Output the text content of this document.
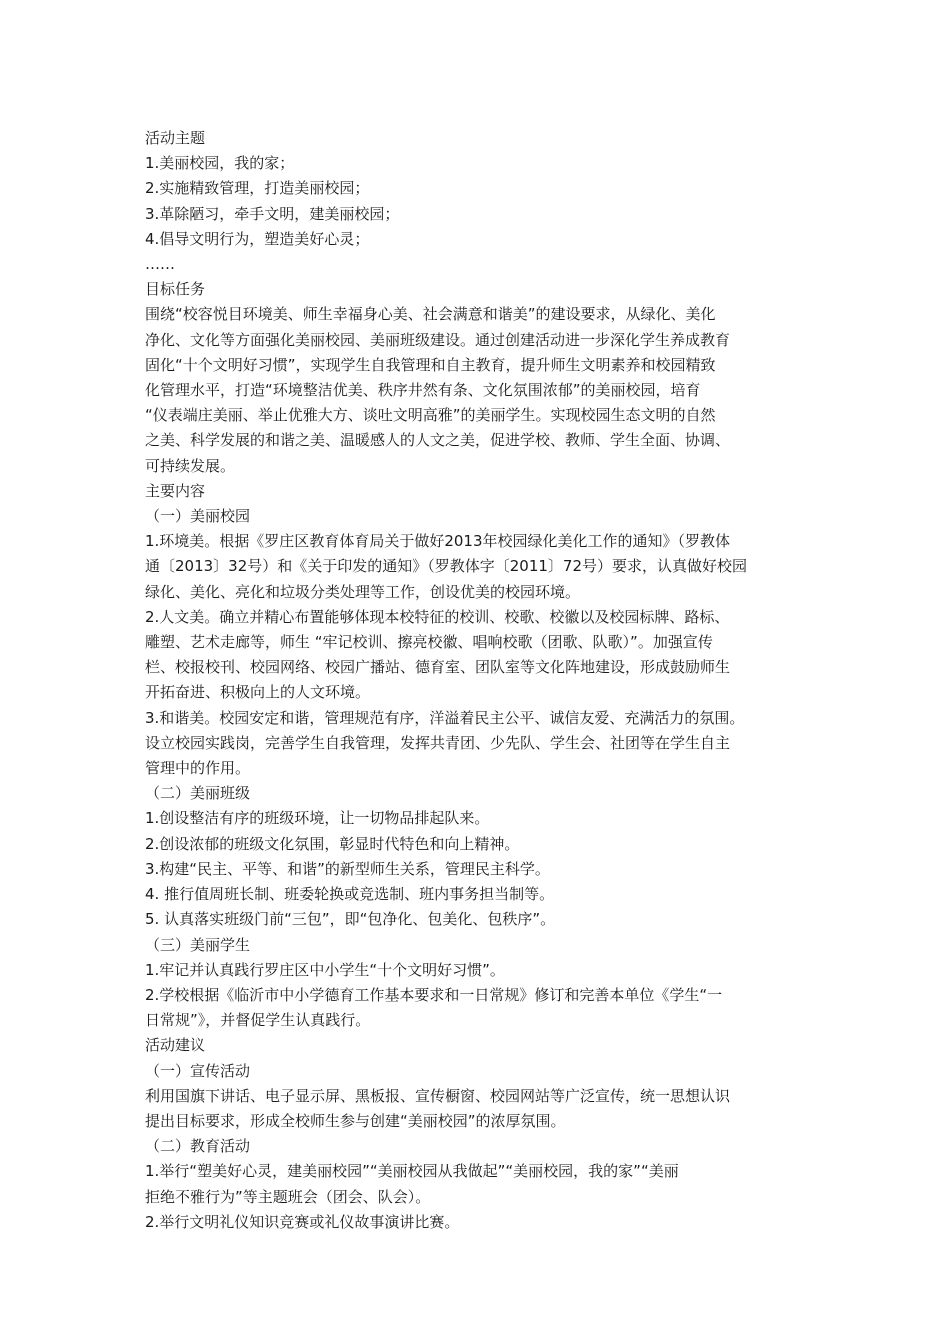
活动主题

1.美丽校园，我的家；

2.实施精致管理，打造美丽校园；

3.革除陋习，牵手文明，建美丽校园；

4.倡导文明行为，塑造美好心灵；

……

目标任务

围绕“校容悦目环境美、师生幸福身心美、社会满意和谐美”的建设要求，从绿化、美化

净化、文化等方面强化美丽校园、美丽班级建设。通过创建活动进一步深化学生养成教育

固化“十个文明好习惯”，实现学生自我管理和自主教育，提升师生文明素养和校园精致

化管理水平，打造“环境整洁优美、秩序井然有条、文化氛围浓郁”的美丽校园，培育

“仪表端庄美丽、举止优雅大方、谈吐文明高雅”的美丽学生。实现校园生态文明的自然

之美、科学发展的和谐之美、温暖感人的人文之美，促进学校、教师、学生全面、协调、

可持续发展。

主要内容

（一）美丽校园

1.环境美。根据《罗庄区教育体育局关于做好2013年校园绿化美化工作的通知》（罗教体

通〔2013〕32号）和《关于印发的通知》（罗教体字〔2011〕72号）要求，认真做好校园

绿化、美化、亮化和垃圾分类处理等工作，创设优美的校园环境。

2.人文美。确立并精心布置能够体现本校特征的校训、校歌、校徽以及校园标牌、路标、

雕塑、艺术走廊等，师生 “牢记校训、擦亮校徽、唱响校歌（团歌、队歌）”。加强宣传

栏、校报校刊、校园网络、校园广播站、德育室、团队室等文化阵地建设，形成鼓励师生

开拓奋进、积极向上的人文环境。

3.和谐美。校园安定和谐，管理规范有序，洋溢着民主公平、诚信友爱、充满活力的氛围。

设立校园实践岗，完善学生自我管理，发挥共青团、少先队、学生会、社团等在学生自主

管理中的作用。

（二）美丽班级

1.创设整洁有序的班级环境，让一切物品排起队来。

2.创设浓郁的班级文化氛围，彰显时代特色和向上精神。

3.构建“民主、平等、和谐”的新型师生关系，管理民主科学。

4. 推行值周班长制、班委轮换或竞选制、班内事务担当制等。

5. 认真落实班级门前“三包”，即“包净化、包美化、包秩序”。

（三）美丽学生

1.牢记并认真践行罗庄区中小学生“十个文明好习惯”。

2.学校根据《临沂市中小学德育工作基本要求和一日常规》修订和完善本单位《学生“一

日常规”》，并督促学生认真践行。

活动建议

（一）宣传活动

利用国旗下讲话、电子显示屏、黑板报、宣传橱窗、校园网站等广泛宣传，统一思想认识

提出目标要求，形成全校师生参与创建“美丽校园”的浓厚氛围。

（二）教育活动

1.举行“塑美好心灵，建美丽校园”“美丽校园从我做起”“美丽校园，我的家”“美丽

拒绝不雅行为”等主题班会（团会、队会）。

2.举行文明礼仪知识竞赛或礼仪故事演讲比赛。
